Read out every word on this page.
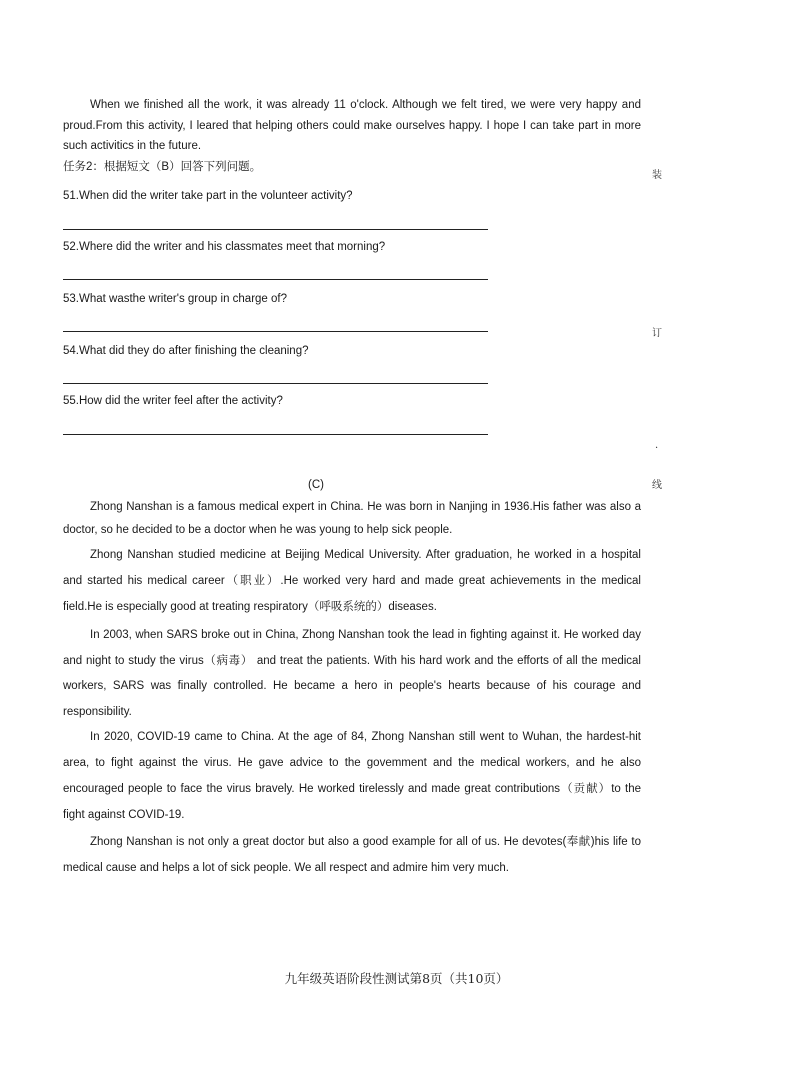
When we finished all the work, it was already 11 o'clock. Although we felt tired, we were very happy and proud.From this activity, I leared that helping others could make ourselves happy. I hope I can take part in more such activitics in the future.

任务2：根据短文（B）回答下列问题。

51.When did the writer take part in the volunteer activity?

52.Where did the writer and his classmates meet that morning?

53.What wasthe writer's group in charge of?

54.What did they do after finishing the cleaning?

55.How did the writer feel after the activity?

装
订
·
线

(C)

Zhong Nanshan is a famous medical expert in China. He was born in Nanjing in 1936.His father was also a doctor, so he decided to be a doctor when he was young to help sick people.

Zhong Nanshan studied medicine at Beijing Medical University. After graduation, he worked in a hospital and started his medical career（职业）.He worked very hard and made great achievements in the medical field.He is especially good at treating respiratory（呼吸系统的）diseases.

In 2003, when SARS broke out in China, Zhong Nanshan took the lead in fighting against it. He worked day and night to study the virus（病毒） and treat the patients. With his hard work and the efforts of all the medical workers, SARS was finally controlled. He became a hero in people's hearts because of his courage and responsibility.

In 2020, COVID-19 came to China. At the age of 84, Zhong Nanshan still went to Wuhan, the hardest-hit area, to fight against the virus. He gave advice to the govemment and the medical workers, and he also encouraged people to face the virus bravely. He worked tirelessly and made great contributions（贡献）to the fight against COVID-19.

Zhong Nanshan is not only a great doctor but also a good example for all of us. He devotes(奉献)his life to medical cause and helps a lot of sick people. We all respect and admire him very much.

九年级英语阶段性测试第8页（共10页）
